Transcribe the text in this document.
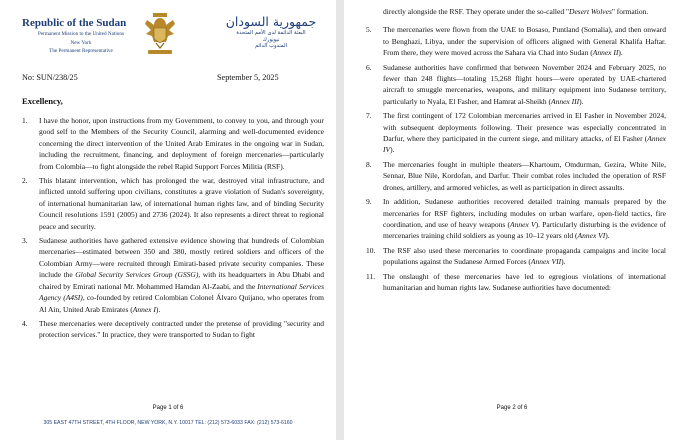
Republic of the Sudan
Permanent Mission to the United Nations
New York
The Permanent Representative
جمهورية السودان
البعثة الدائمة لدى الأمم المتحدة
نيويورك
المندوب الدائم
No: SUN/238/25	September 5, 2025
Excellency,
1. I have the honor, upon instructions from my Government, to convey to you, and through your good self to the Members of the Security Council, alarming and well-documented evidence concerning the direct intervention of the United Arab Emirates in the ongoing war in Sudan, including the recruitment, financing, and deployment of foreign mercenaries—particularly from Colombia—to fight alongside the rebel Rapid Support Forces Militia (RSF).
2. This blatant intervention, which has prolonged the war, destroyed vital infrastructure, and inflicted untold suffering upon civilians, constitutes a grave violation of Sudan's sovereignty, of international humanitarian law, of international human rights law, and of binding Security Council resolutions 1591 (2005) and 2736 (2024). It also represents a direct threat to regional peace and security.
3. Sudanese authorities have gathered extensive evidence showing that hundreds of Colombian mercenaries—estimated between 350 and 380, mostly retired soldiers and officers of the Colombian Army—were recruited through Emirati-based private security companies. These include the Global Security Services Group (GSSG), with its headquarters in Abu Dhabi and chaired by Emirati national Mr. Mohammed Hamdan Al-Zaabi, and the International Services Agency (A4SI), co-founded by retired Colombian Colonel Álvaro Quijano, who operates from Al Ain, United Arab Emirates (Annex I).
4. These mercenaries were deceptively contracted under the pretense of providing "security and protection services." In practice, they were transported to Sudan to fight
Page 1 of 6
305 EAST 47TH STREET, 4TH FLOOR, NEW YORK, N.Y. 10017 TEL: (212) 573-6033 FAX: (212) 573-6160
directly alongside the RSF. They operate under the so-called "Desert Wolves" formation.
5. The mercenaries were flown from the UAE to Bosaso, Puntland (Somalia), and then onward to Benghazi, Libya, under the supervision of officers aligned with General Khalifa Haftar. From there, they were moved across the Sahara via Chad into Sudan (Annex II).
6. Sudanese authorities have confirmed that between November 2024 and February 2025, no fewer than 248 flights—totaling 15,268 flight hours—were operated by UAE-chartered aircraft to smuggle mercenaries, weapons, and military equipment into Sudanese territory, particularly to Nyala, El Fasher, and Hamrat al-Sheikh (Annex III).
7. The first contingent of 172 Colombian mercenaries arrived in El Fasher in November 2024, with subsequent deployments following. Their presence was especially concentrated in Darfur, where they participated in the current siege, and military attacks, of El Fasher (Annex IV).
8. The mercenaries fought in multiple theaters—Khartoum, Omdurman, Gezira, White Nile, Sennar, Blue Nile, Kordofan, and Darfur. Their combat roles included the operation of RSF drones, artillery, and armored vehicles, as well as participation in direct assaults.
9. In addition, Sudanese authorities recovered detailed training manuals prepared by the mercenaries for RSF fighters, including modules on urban warfare, open-field tactics, fire coordination, and use of heavy weapons (Annex V). Particularly disturbing is the evidence of mercenaries training child soldiers as young as 10–12 years old (Annex VI).
10. The RSF also used these mercenaries to coordinate propaganda campaigns and incite local populations against the Sudanese Armed Forces (Annex VII).
11. The onslaught of these mercenaries have led to egregious violations of international humanitarian and human rights law. Sudanese authorities have documented:
Page 2 of 6
